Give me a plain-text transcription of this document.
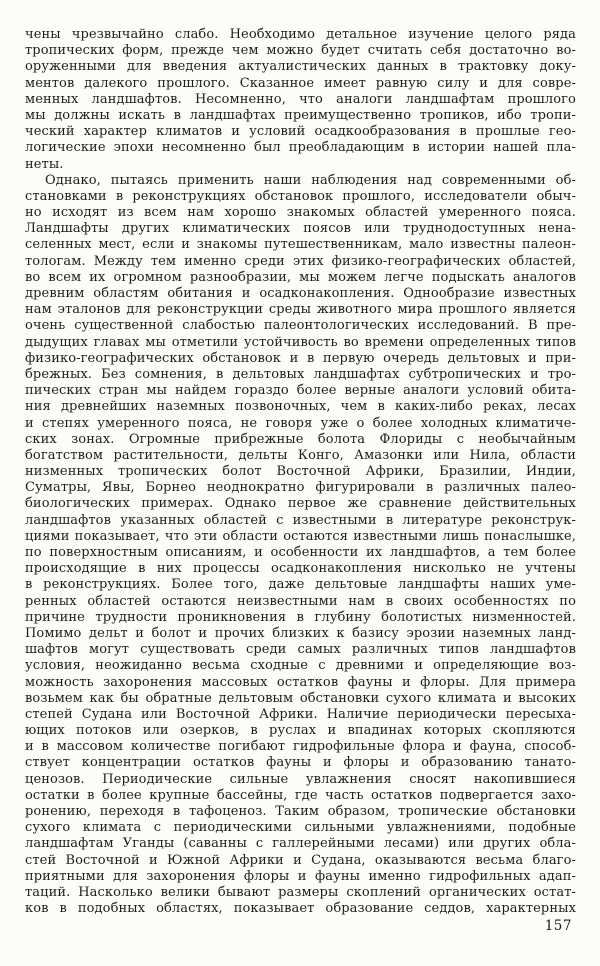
чены чрезвычайно слабо. Необходимо детальное изучение целого ряда
тропических форм, прежде чем можно будет считать себя достаточно во-
оруженными для введения актуалистических данных в трактовку доку-
ментов далекого прошлого. Сказанное имеет равную силу и для совре-
менных ландшафтов. Несомненно, что аналоги ландшафтам прошлого
мы должны искать в ландшафтах преимущественно тропиков, ибо тропи-
ческий характер климатов и условий осадкообразования в прошлые гео-
логические эпохи несомненно был преобладающим в истории нашей пла-
неты.
Однако, пытаясь применить наши наблюдения над современными об-
становками в реконструкциях обстановок прошлого, исследователи обыч-
но исходят из всем нам хорошо знакомых областей умеренного пояса.
Ландшафты других климатических поясов или труднодоступных нена-
селенных мест, если и знакомы путешественникам, мало известны палеон-
тологам. Между тем именно среди этих физико-географических областей,
во всем их огромном разнообразии, мы можем легче подыскать аналогов
древним областям обитания и осадконакопления. Однообразие известных
нам эталонов для реконструкции среды животного мира прошлого является
очень существенной слабостью палеонтологических исследований. В пре-
дыдущих главах мы отметили устойчивость во времени определенных типов
физико-географических обстановок и в первую очередь дельтовых и при-
брежных. Без сомнения, в дельтовых ландшафтах субтропических и тро-
пических стран мы найдем гораздо более верные аналоги условий обита-
ния древнейших наземных позвоночных, чем в каких-либо реках, лесах
и степях умеренного пояса, не говоря уже о более холодных климатиче-
ских зонах. Огромные прибрежные болота Флориды с необычайным
богатством растительности, дельты Конго, Амазонки или Нила, области
низменных тропических болот Восточной Африки, Бразилии, Индии,
Суматры, Явы, Борнео неоднократно фигурировали в различных палео-
биологических примерах. Однако первое же сравнение действительных
ландшафтов указанных областей с известными в литературе реконструк-
циями показывает, что эти области остаются известными лишь понаслышке,
по поверхностным описаниям, и особенности их ландшафтов, а тем более
происходящие в них процессы осадконакопления нисколько не учтены
в реконструкциях. Более того, даже дельтовые ландшафты наших уме-
ренных областей остаются неизвестными нам в своих особенностях по
причине трудности проникновения в глубину болотистых низменностей.
Помимо дельт и болот и прочих близких к базису эрозии наземных ланд-
шафтов могут существовать среди самых различных типов ландшафтов
условия, неожиданно весьма сходные с древними и определяющие воз-
можность захоронения массовых остатков фауны и флоры. Для примера
возьмем как бы обратные дельтовым обстановки сухого климата и высоких
степей Судана или Восточной Африки. Наличие периодически пересыха-
ющих потоков или озерков, в руслах и впадинах которых скопляются
и в массовом количестве погибают гидрофильные флора и фауна, способ-
ствует концентрации остатков фауны и флоры и образованию танато-
ценозов. Периодические сильные увлажнения сносят накопившиеся
остатки в более крупные бассейны, где часть остатков подвергается захо-
ронению, переходя в тафоценоз. Таким образом, тропические обстановки
сухого климата с периодическими сильными увлажнениями, подобные
ландшафтам Уганды (саванны с галлерейными лесами) или других обла-
стей Восточной и Южной Африки и Судана, оказываются весьма благо-
приятными для захоронения флоры и фауны именно гидрофильных адап-
таций. Насколько велики бывают размеры скоплений органических остат-
ков в подобных областях, показывает образование седдов, характерных
157
